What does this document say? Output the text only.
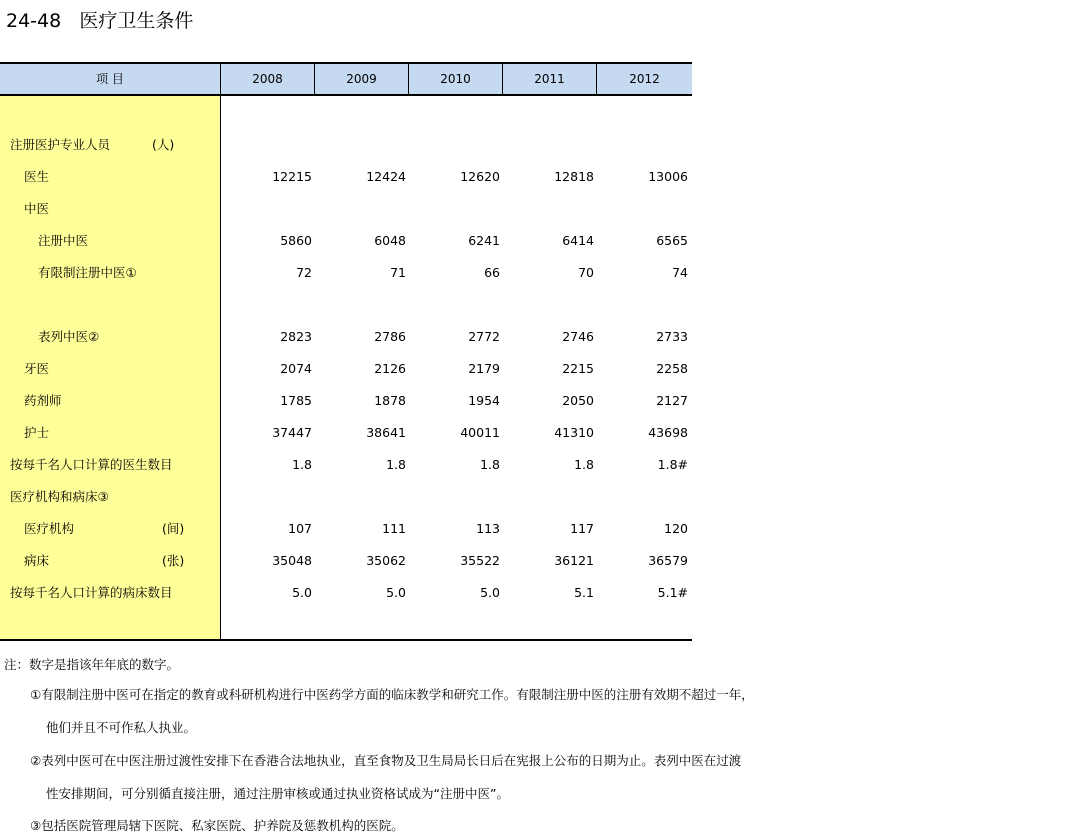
24-48   医疗卫生条件
项 目	2008	2009	2010	2011	2012
注册医护专业人员	(人)
医生	12215	12424	12620	12818	13006
中医
注册中医	5860	6048	6241	6414	6565
有限制注册中医①	72	71	66	70	74
表列中医②	2823	2786	2772	2746	2733
牙医	2074	2126	2179	2215	2258
药剂师	1785	1878	1954	2050	2127
护士	37447	38641	40011	41310	43698
按每千名人口计算的医生数目	1.8	1.8	1.8	1.8	1.8#
医疗机构和病床③
医疗机构	(间)	107	111	113	117	120
病床	(张)	35048	35062	35522	36121	36579
按每千名人口计算的病床数目	5.0	5.0	5.0	5.1	5.1#
注：数字是指该年年底的数字。
①有限制注册中医可在指定的教育或科研机构进行中医药学方面的临床教学和研究工作。有限制注册中医的注册有效期不超过一年，
他们并且不可作私人执业。
②表列中医可在中医注册过渡性安排下在香港合法地执业，直至食物及卫生局局长日后在宪报上公布的日期为止。表列中医在过渡
性安排期间，可分别循直接注册，通过注册审核或通过执业资格试成为“注册中医”。
③包括医院管理局辖下医院、私家医院、护养院及惩教机构的医院。
